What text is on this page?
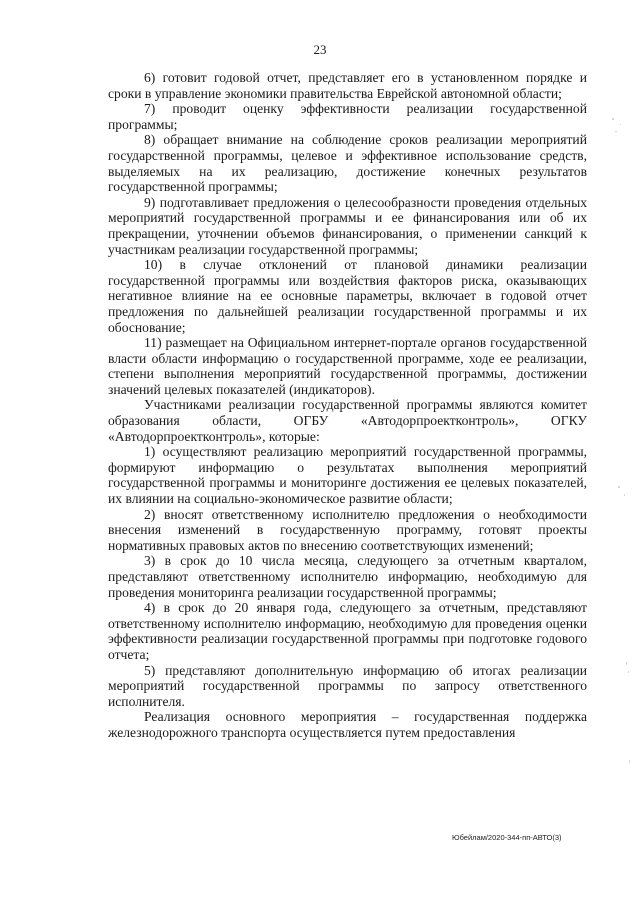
23

6) готовит годовой отчет, представляет его в установленном порядке и сроки в управление экономики правительства Еврейской автономной области;

7) проводит оценку эффективности реализации государственной программы;

8) обращает внимание на соблюдение сроков реализации мероприятий государственной программы, целевое и эффективное использование средств, выделяемых на их реализацию, достижение конечных результатов государственной программы;

9) подготавливает предложения о целесообразности проведения отдельных мероприятий государственной программы и ее финансирования или об их прекращении, уточнении объемов финансирования, о применении санкций к участникам реализации государственной программы;

10) в случае отклонений от плановой динамики реализации государственной программы или воздействия факторов риска, оказывающих негативное влияние на ее основные параметры, включает в годовой отчет предложения по дальнейшей реализации государственной программы и их обоснование;

11) размещает на Официальном интернет-портале органов государственной власти области информацию о государственной программе, ходе ее реализации, степени выполнения мероприятий государственной программы, достижении значений целевых показателей (индикаторов).

Участниками реализации государственной программы являются комитет образования области, ОГБУ «Автодорпроектконтроль», ОГКУ «Автодорпроектконтроль», которые:

1) осуществляют реализацию мероприятий государственной программы, формируют информацию о результатах выполнения мероприятий государственной программы и мониторинге достижения ее целевых показателей, их влиянии на социально-экономическое развитие области;

2) вносят ответственному исполнителю предложения о необходимости внесения изменений в государственную программу, готовят проекты нормативных правовых актов по внесению соответствующих изменений;

3) в срок до 10 числа месяца, следующего за отчетным кварталом, представляют ответственному исполнителю информацию, необходимую для проведения мониторинга реализации государственной программы;

4) в срок до 20 января года, следующего за отчетным, представляют ответственному исполнителю информацию, необходимую для проведения оценки эффективности реализации государственной программы при подготовке годового отчета;

5) представляют дополнительную информацию об итогах реализации мероприятий государственной программы по запросу ответственного исполнителя.

Реализация основного мероприятия – государственная поддержка железнодорожного транспорта осуществляется путем предоставления

Юбейлам/2020-344-пп-АВТО(3)
